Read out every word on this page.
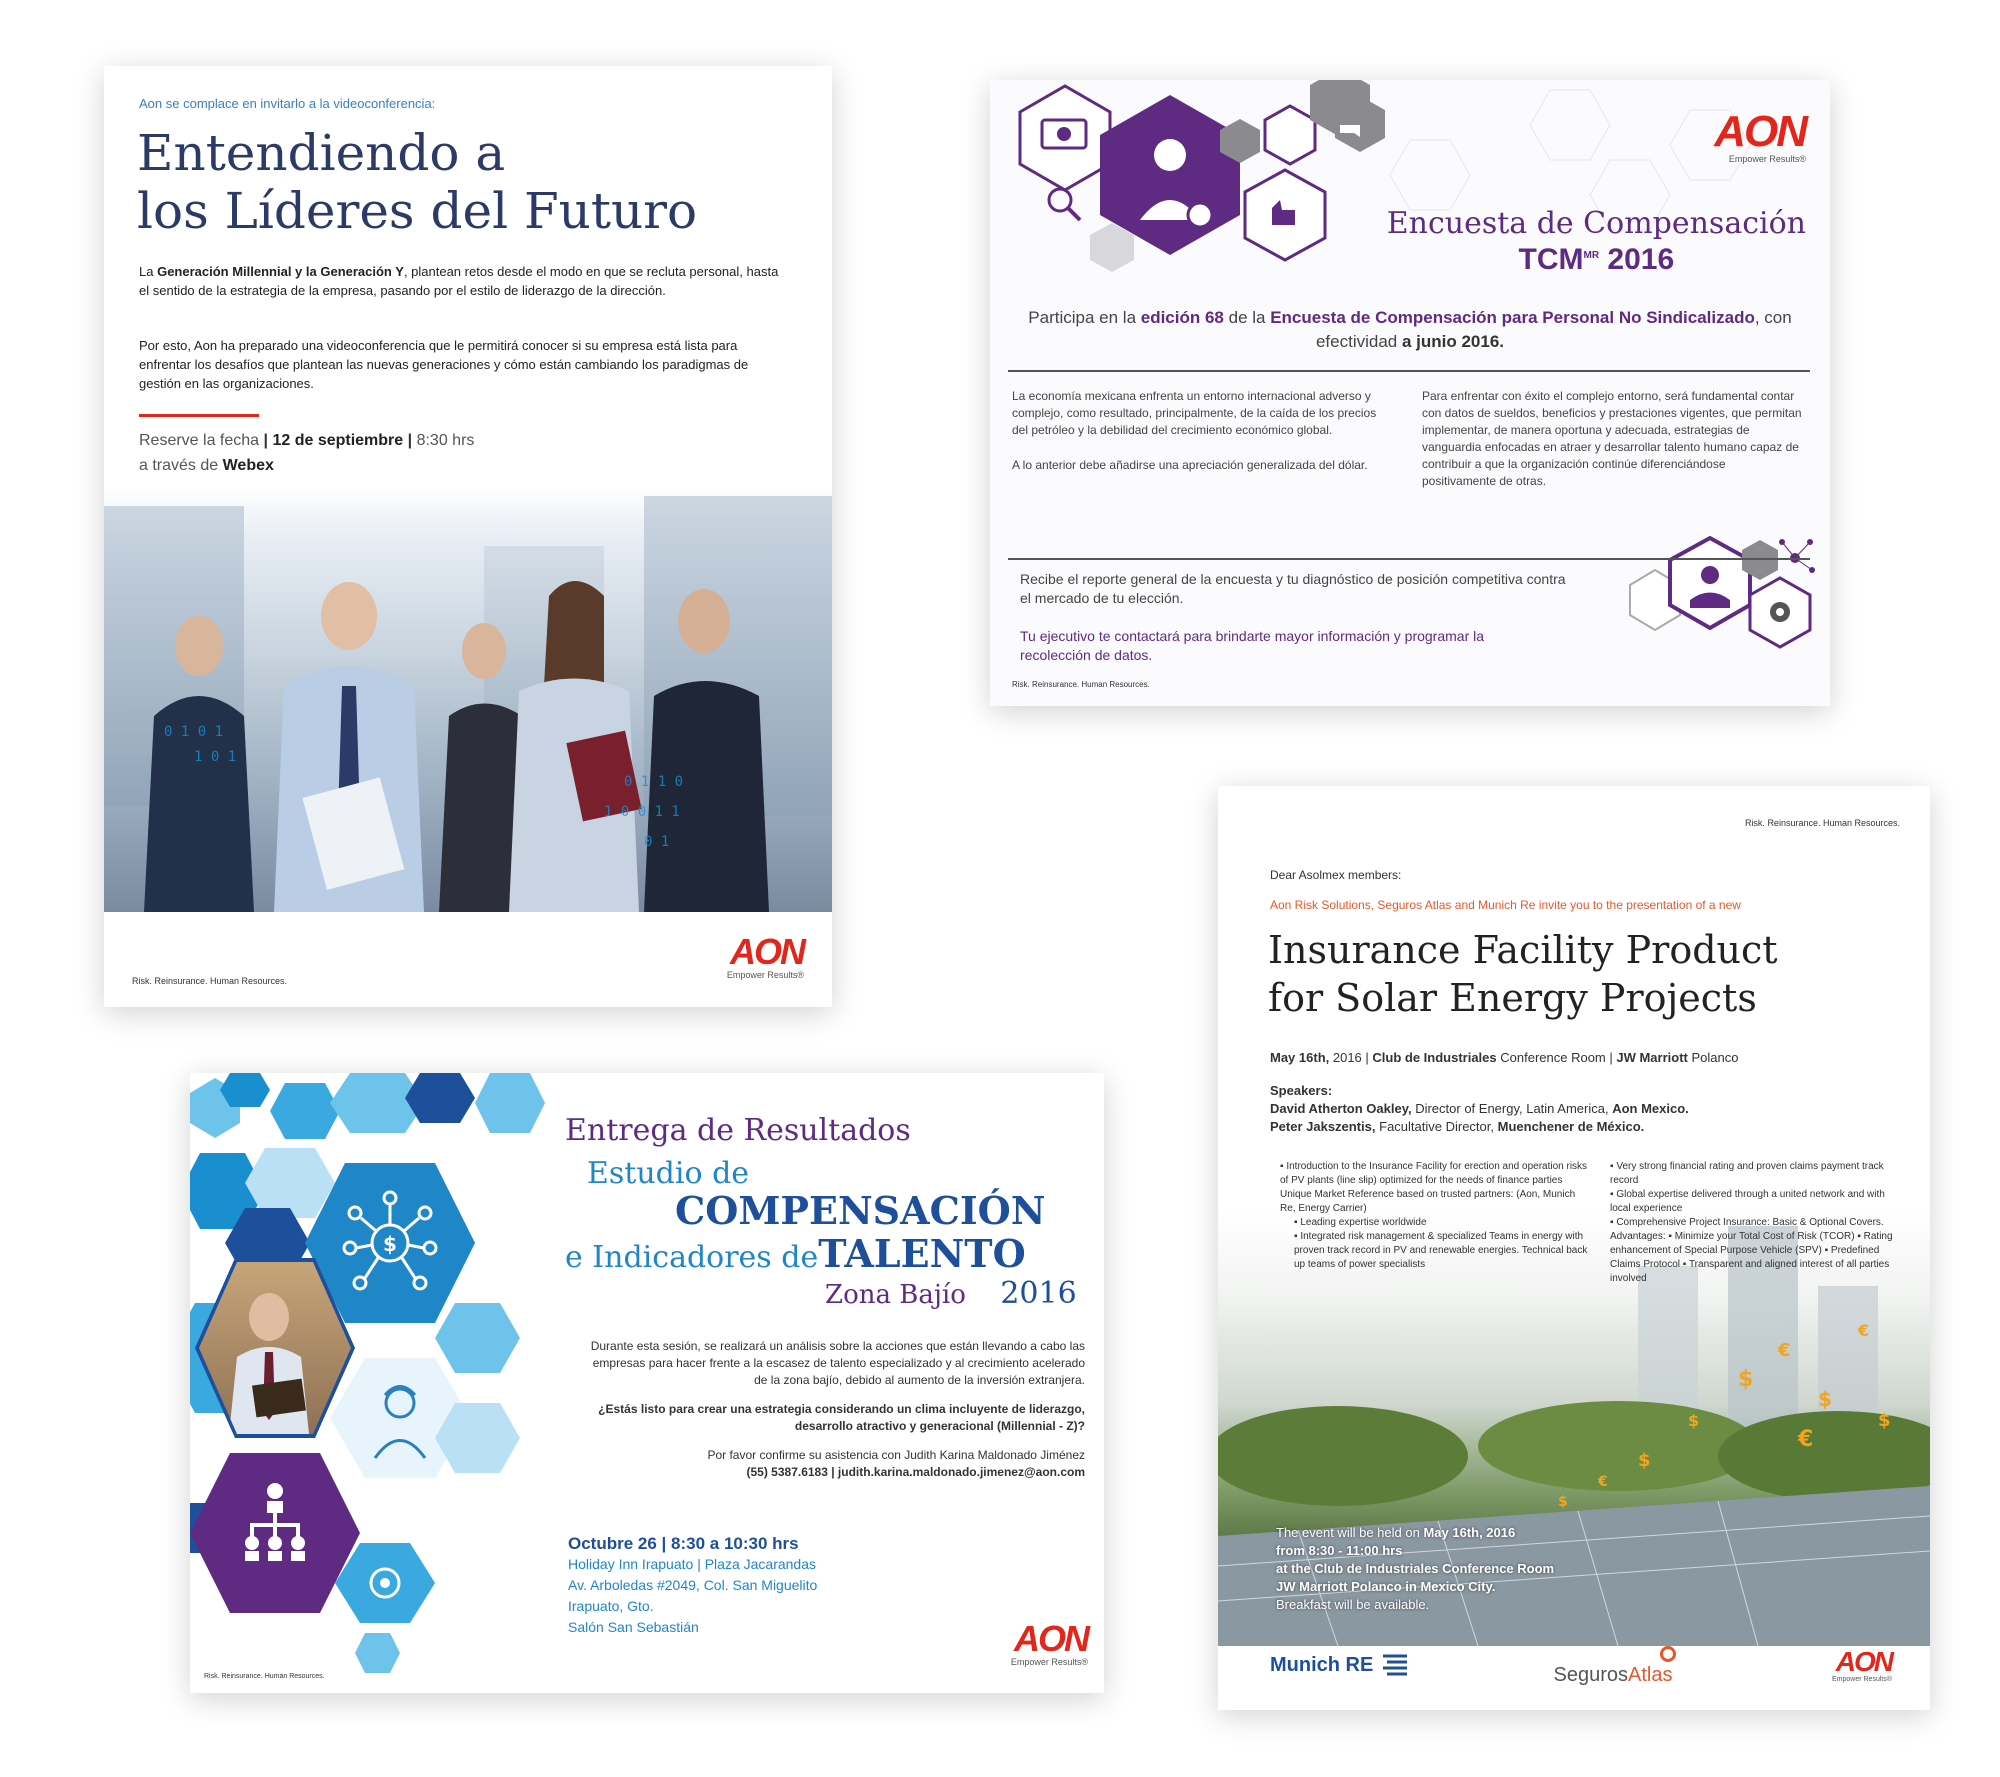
Aon se complace en invitarlo a la videoconferencia:
Entendiendo a
los Líderes del Futuro
La Generación Millennial y la Generación Y, plantean retos desde el modo en que se recluta personal, hasta el sentido de la estrategia de la empresa, pasando por el estilo de liderazgo de la dirección.
Por esto, Aon ha preparado una videoconferencia que le permitirá conocer si su empresa está lista para enfrentar los desafíos que plantean las nuevas generaciones y cómo están cambiando los paradigmas de gestión en las organizaciones.
Reserve la fecha | 12 de septiembre | 8:30 hrs
a través de Webex
0 1 0 1
1 0 1
0 1 1 0
1 0 0 1 1
0 1
Risk. Reinsurance. Human Resources.
AON
Empower Results®
AON
Empower Results®
Encuesta de Compensación
$TCM^{MR}$ 2016
Participa en la edición 68 de la Encuesta de Compensación para Personal No Sindicalizado, con efectividad a junio 2016.

La economía mexicana enfrenta un entorno internacional adverso y complejo, como resultado, principalmente, de la caída de los precios del petróleo y la debilidad del crecimiento económico global.

A lo anterior debe añadirse una apreciación generalizada del dólar.

Para enfrentar con éxito el complejo entorno, será fundamental contar con datos de sueldos, beneficios y prestaciones vigentes, que permitan implementar, de manera oportuna y adecuada, estrategias de vanguardia enfocadas en atraer y desarrollar talento humano capaz de contribuir a que la organización continúe diferenciándose positivamente de otras.
Recibe el reporte general de la encuesta y tu diagnóstico de posición competitiva contra el mercado de tu elección.
Tu ejecutivo te contactará para brindarte mayor información y programar la recolección de datos.
Risk. Reinsurance. Human Resources.
$
Entrega de Resultados
Estudio de
COMPENSACIÓN
e Indicadores deTALENTO
Zona Bajío 2016

Durante esta sesión, se realizará un análisis sobre la acciones que están llevando a cabo las empresas para hacer frente a la escasez de talento especializado y al crecimiento acelerado de la zona bajío, debido al aumento de la inversión extranjera.

¿Estás listo para crear una estrategia considerando un clima incluyente de liderazgo, desarrollo atractivo y generacional (Millennial - Z)?

Por favor confirme su asistencia con Judith Karina Maldonado Jiménez

(55) 5387.6183 | judith.karina.maldonado.jimenez@aon.com

Octubre 26 | 8:30 a 10:30 hrs
Holiday Inn Irapuato | Plaza Jacarandas
Av. Arboledas #2049, Col. San Miguelito
Irapuato, Gto.
Salón San Sebastián
Risk. Reinsurance. Human Resources.
AON
Empower Results®
Risk. Reinsurance. Human Resources.
Dear Asolmex members:
Aon Risk Solutions, Seguros Atlas and Munich Re invite you to the presentation of a new
Insurance Facility Product
for Solar Energy Projects
May 16th, 2016 | Club de Industriales Conference Room | JW Marriott Polanco
Speakers:
David Atherton Oakley, Director of Energy, Latin America, Aon Mexico.
Peter Jakszentis, Facultative Director, Muenchener de México.
$
€
$
€
$
€
$
$
€
$
▪ Introduction to the Insurance Facility for erection and operation risks of PV plants (line slip) optimized for the needs of finance parties Unique Market Reference based on trusted partners: (Aon, Munich Re, Energy Carrier)
▪ Leading expertise worldwide
▪ Integrated risk management & specialized Teams in energy with proven track record in PV and renewable energies. Technical back up teams of power specialists
▪ Very strong financial rating and proven claims payment track record
▪ Global expertise delivered through a united network and with local experience
▪ Comprehensive Project Insurance: Basic & Optional Covers. Advantages: ▪ Minimize your Total Cost of Risk (TCOR) ▪ Rating enhancement of Special Purpose Vehicle (SPV) ▪ Predefined Claims Protocol ▪ Transparent and aligned interest of all parties involved
The event will be held on May 16th, 2016
from 8:30 - 11:00 hrs
at the Club de Industriales Conference Room
JW Marriott Polanco in Mexico City.
Breakfast will be available.
Munich RE	SegurosAtlas	AON
Empower Results®
